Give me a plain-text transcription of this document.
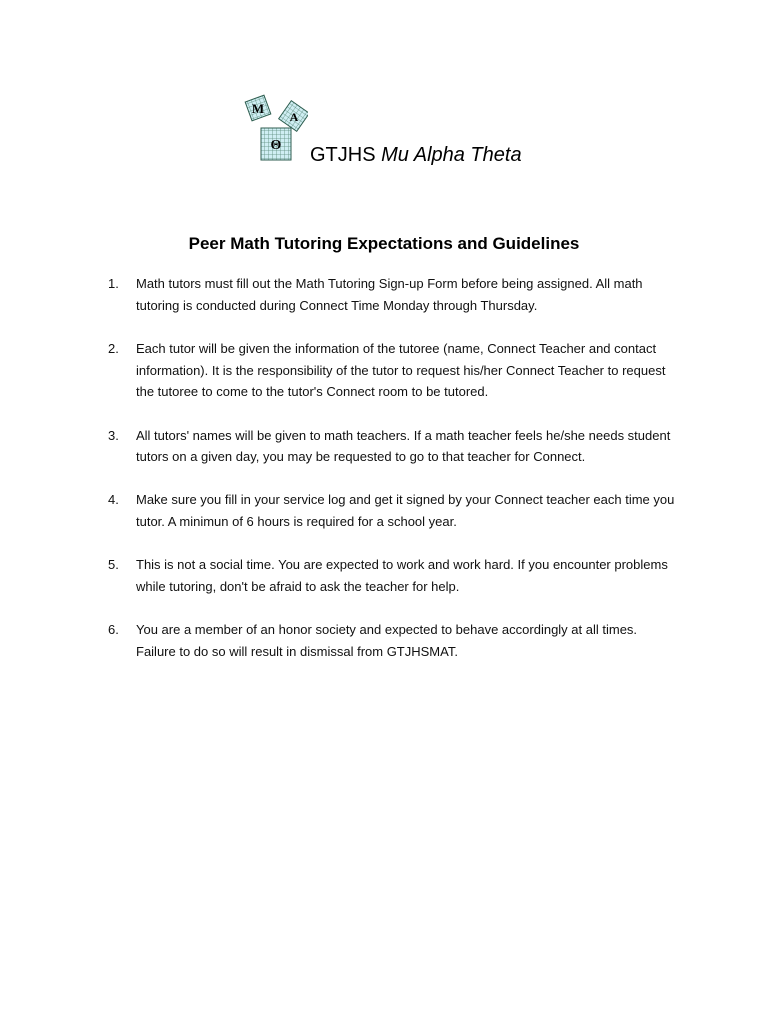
M
A
Θ GTJHS Mu Alpha Theta
Peer Math Tutoring Expectations and Guidelines
1.	Math tutors must fill out the Math Tutoring Sign-up Form before being assigned. All math tutoring is conducted during Connect Time Monday through Thursday.
2.	Each tutor will be given the information of the tutoree (name, Connect Teacher and contact information). It is the responsibility of the tutor to request his/her Connect Teacher to request the tutoree to come to the tutor's Connect room to be tutored.
3.	All tutors' names will be given to math teachers. If a math teacher feels he/she needs student tutors on a given day, you may be requested to go to that teacher for Connect.
4.	Make sure you fill in your service log and get it signed by your Connect teacher each time you tutor. A minimun of 6 hours is required for a school year.
5.	This is not a social time. You are expected to work and work hard. If you encounter problems while tutoring, don't be afraid to ask the teacher for help.
6.	You are a member of an honor society and expected to behave accordingly at all times. Failure to do so will result in dismissal from GTJHSMAT.
